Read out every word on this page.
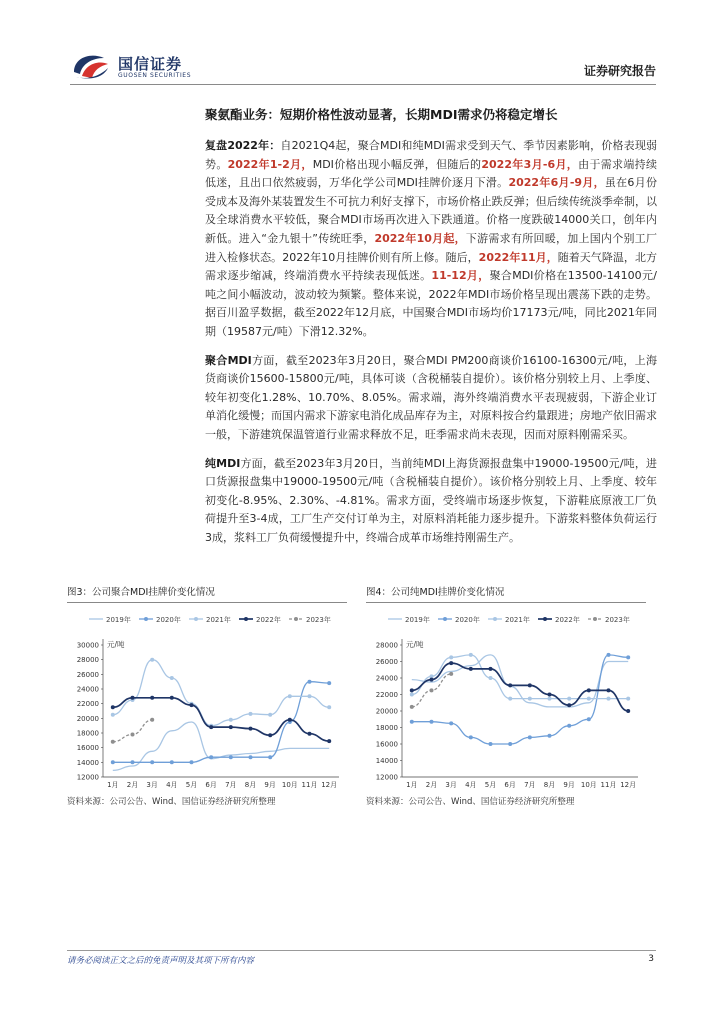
国信证券
GUOSEN SECURITIES	证券研究报告
聚氨酯业务：短期价格性波动显著，长期MDI需求仍将稳定增长

复盘2022年：自2021Q4起，聚合MDI和纯MDI需求受到天气、季节因素影响，价格表现弱势。2022年1-2月，MDI价格出现小幅反弹，但随后的2022年3月-6月，由于需求端持续低迷，且出口依然疲弱，万华化学公司MDI挂牌价逐月下滑。2022年6月-9月，虽在6月份受成本及海外某装置发生不可抗力利好支撑下，市场价格止跌反弹；但后续传统淡季牵制，以及全球消费水平较低，聚合MDI市场再次进入下跌通道。价格一度跌破14000关口，创年内新低。进入“金九银十”传统旺季，2022年10月起，下游需求有所回暖，加上国内个别工厂进入检修状态。2022年10月挂牌价则有所上修。随后，2022年11月，随着天气降温，北方需求逐步缩减，终端消费水平持续表现低迷。11-12月，聚合MDI价格在13500-14100元/吨之间小幅波动，波动较为频繁。整体来说，2022年MDI市场价格呈现出震荡下跌的走势。据百川盈孚数据，截至2022年12月底，中国聚合MDI市场均价17173元/吨，同比2021年同期（19587元/吨）下滑12.32%。

聚合MDI方面，截至2023年3月20日，聚合MDI PM200商谈价16100-16300元/吨，上海货商谈价15600-15800元/吨，具体可谈（含税桶装自提价）。该价格分别较上月、上季度、较年初变化1.28%、10.70%、8.05%。需求端，海外终端消费水平表现疲弱，下游企业订单消化缓慢；而国内需求下游家电消化成品库存为主，对原料按合约量跟进；房地产依旧需求一般，下游建筑保温管道行业需求释放不足，旺季需求尚未表现，因而对原料刚需采买。

纯MDI方面，截至2023年3月20日，当前纯MDI上海货源报盘集中19000-19500元/吨，进口货源报盘集中19000-19500元/吨（含税桶装自提价）。该价格分别较上月、上季度、较年初变化-8.95%、2.30%、-4.81%。需求方面，受终端市场逐步恢复，下游鞋底原液工厂负荷提升至3-4成，工厂生产交付订单为主，对原料消耗能力逐步提升。下游浆料整体负荷运行3成，浆料工厂负荷缓慢提升中，终端合成革市场维持刚需生产。

图3：公司聚合MDI挂牌价变化情况
2019年	2020年	2021年	2022年	2023年
12000
14000
16000
18000
20000
22000
24000
26000
28000
30000
1月 2月 3月 4月 5月 6月 7月 8月 9月 10月 11月 12月
元/吨
资料来源：公司公告、Wind、国信证券经济研究所整理
图4：公司纯MDI挂牌价变化情况
2019年	2020年	2021年	2022年	2023年
12000
14000
16000
18000
20000
22000
24000
26000
28000
1月 2月 3月 4月 5月 6月 7月 8月 9月 10月 11月 12月
元/吨
资料来源：公司公告、Wind、国信证券经济研究所整理
请务必阅读正文之后的免责声明及其项下所有内容	3
